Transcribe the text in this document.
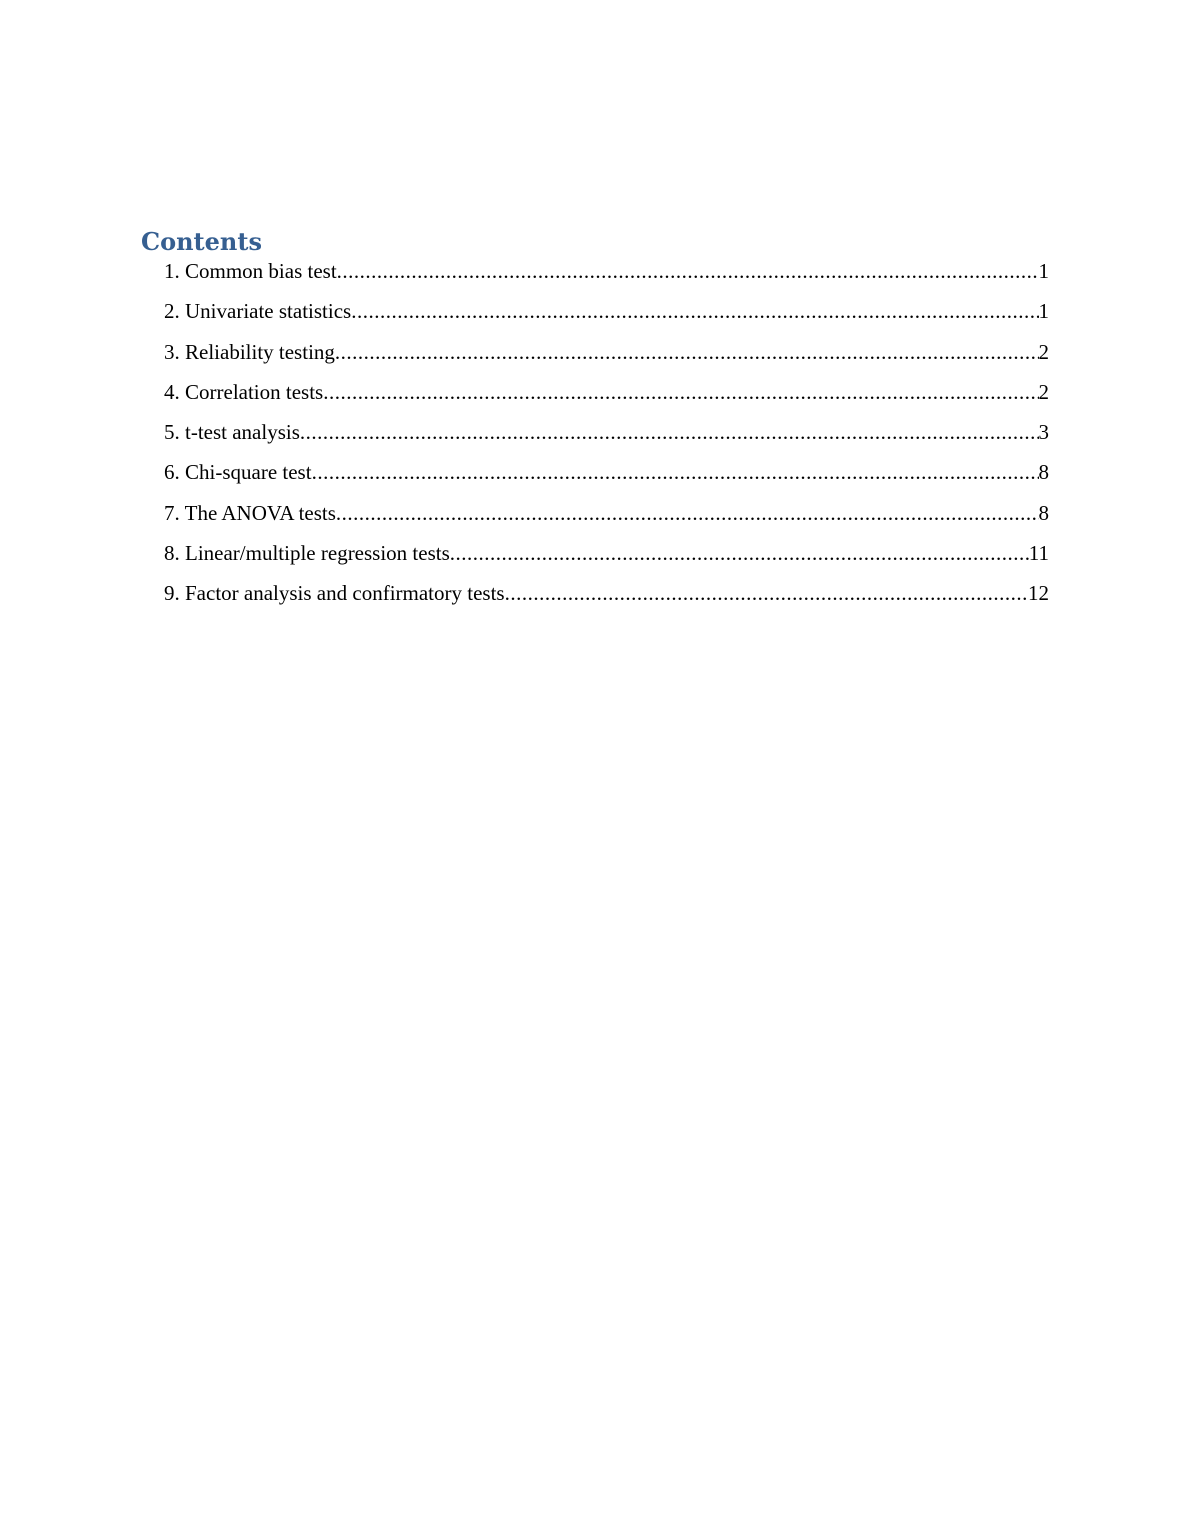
Contents
1. Common bias test .....	1
2. Univariate statistics .....	1
3. Reliability testing .....	2
4. Correlation tests .....	2
5. t-test analysis .....	3
6. Chi-square test .....	8
7. The ANOVA tests .....	8
8. Linear/multiple regression tests .....	11
9. Factor analysis and confirmatory tests .....	12
